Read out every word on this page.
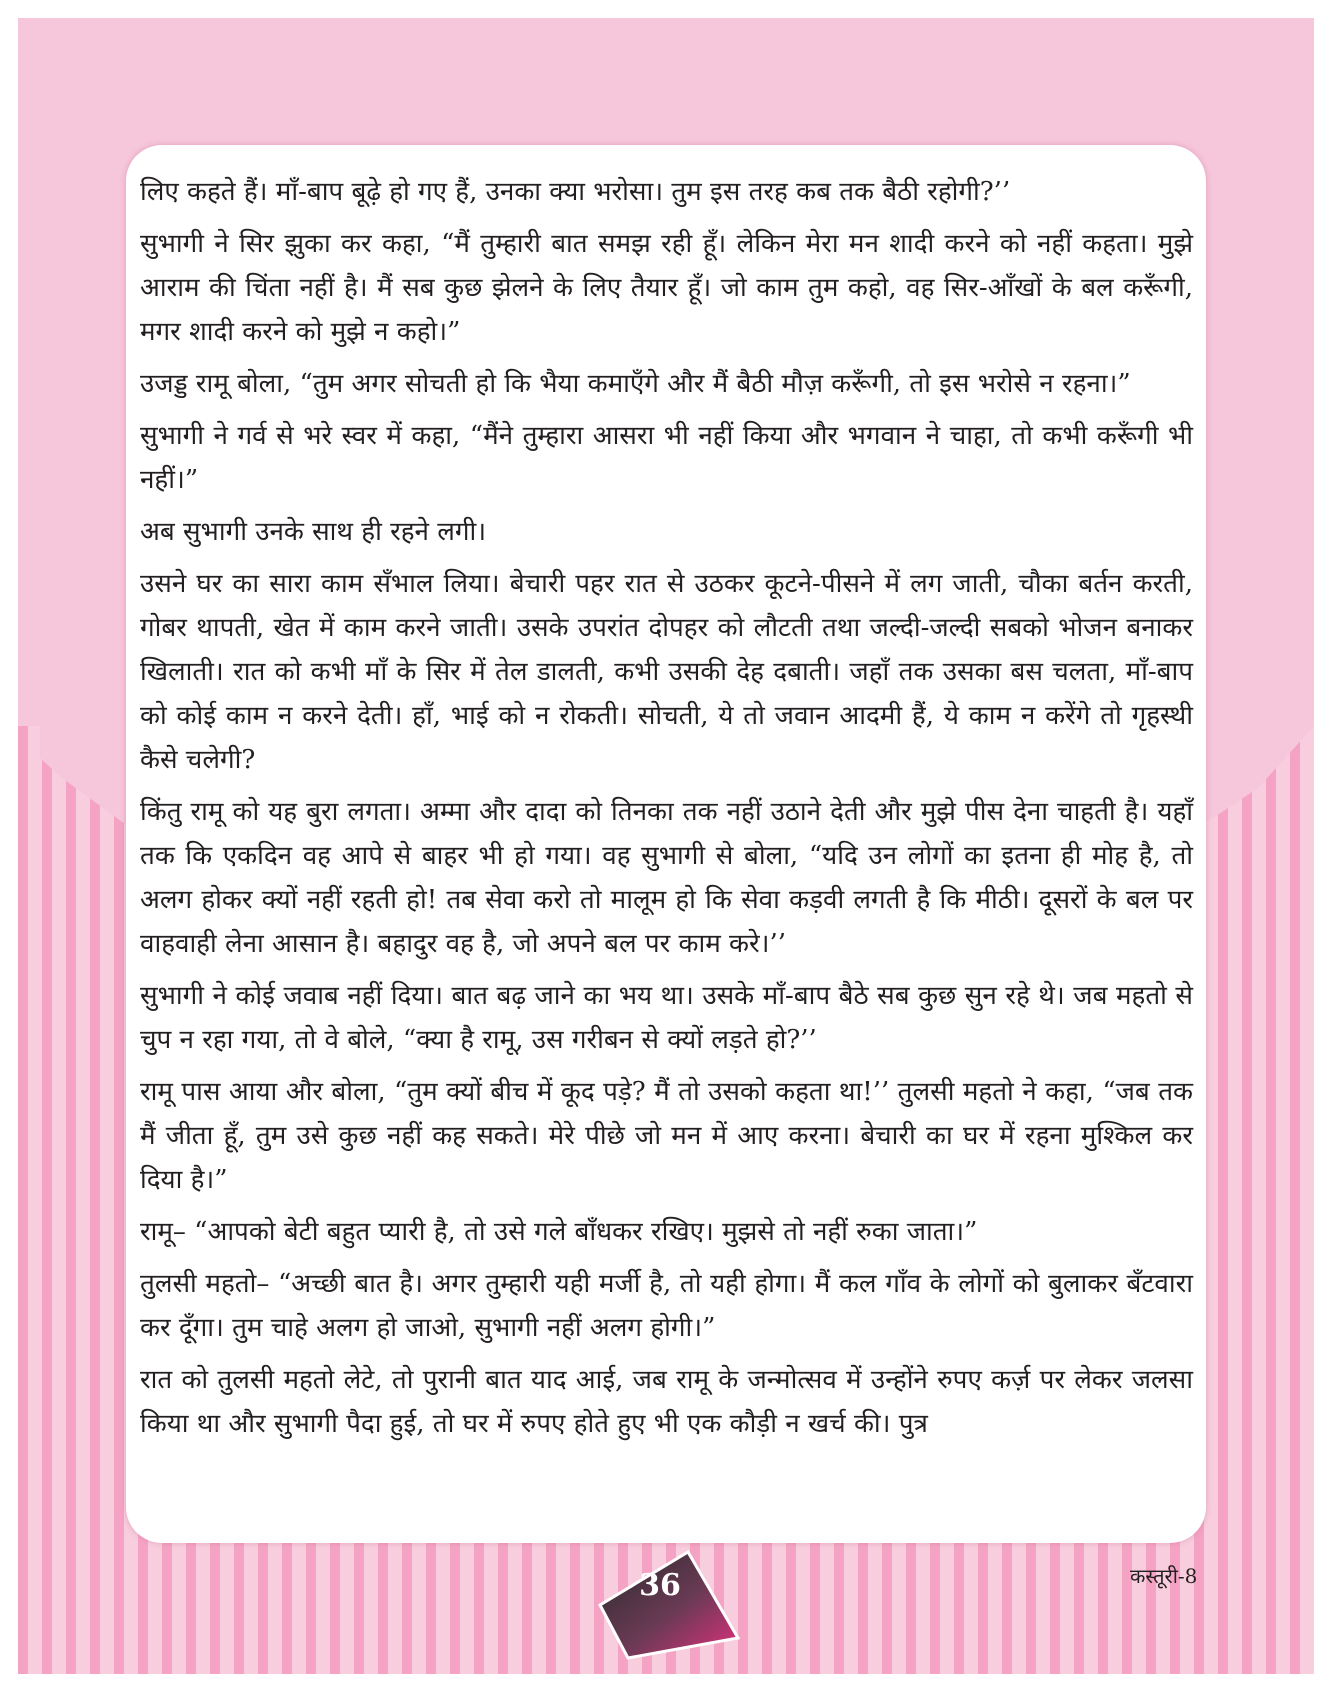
लिए कहते हैं। माँ-बाप बूढ़े हो गए हैं, उनका क्या भरोसा। तुम इस तरह कब तक बैठी रहोगी?’’

सुभागी ने सिर झुका कर कहा, “मैं तुम्हारी बात समझ रही हूँ। लेकिन मेरा मन शादी करने को नहीं कहता। मुझे आराम की चिंता नहीं है। मैं सब कुछ झेलने के लिए तैयार हूँ। जो काम तुम कहो, वह सिर-आँखों के बल करूँगी, मगर शादी करने को मुझे न कहो।”

उजड्ड रामू बोला, “तुम अगर सोचती हो कि भैया कमाएँगे और मैं बैठी मौज़ करूँगी, तो इस भरोसे न रहना।”

सुभागी ने गर्व से भरे स्वर में कहा, “मैंने तुम्हारा आसरा भी नहीं किया और भगवान ने चाहा, तो कभी करूँगी भी नहीं।”

अब सुभागी उनके साथ ही रहने लगी।

उसने घर का सारा काम सँभाल लिया। बेचारी पहर रात से उठकर कूटने-पीसने में लग जाती, चौका बर्तन करती, गोबर थापती, खेत में काम करने जाती। उसके उपरांत दोपहर को लौटती तथा जल्दी-जल्दी सबको भोजन बनाकर खिलाती। रात को कभी माँ के सिर में तेल डालती, कभी उसकी देह दबाती। जहाँ तक उसका बस चलता, माँ-बाप को कोई काम न करने देती। हाँ, भाई को न रोकती। सोचती, ये तो जवान आदमी हैं, ये काम न करेंगे तो गृहस्थी कैसे चलेगी?

किंतु रामू को यह बुरा लगता। अम्मा और दादा को तिनका तक नहीं उठाने देती और मुझे पीस देना चाहती है। यहाँ तक कि एकदिन वह आपे से बाहर भी हो गया। वह सुभागी से बोला, “यदि उन लोगों का इतना ही मोह है, तो अलग होकर क्यों नहीं रहती हो! तब सेवा करो तो मालूम हो कि सेवा कड़वी लगती है कि मीठी। दूसरों के बल पर वाहवाही लेना आसान है। बहादुर वह है, जो अपने बल पर काम करे।’’

सुभागी ने कोई जवाब नहीं दिया। बात बढ़ जाने का भय था। उसके माँ-बाप बैठे सब कुछ सुन रहे थे। जब महतो से चुप न रहा गया, तो वे बोले, “क्या है रामू, उस गरीबन से क्यों लड़ते हो?’’

रामू पास आया और बोला, “तुम क्यों बीच में कूद पड़े? मैं तो उसको कहता था!’’ तुलसी महतो ने कहा, “जब तक मैं जीता हूँ, तुम उसे कुछ नहीं कह सकते। मेरे पीछे जो मन में आए करना। बेचारी का घर में रहना मुश्किल कर दिया है।”

रामू– “आपको बेटी बहुत प्यारी है, तो उसे गले बाँधकर रखिए। मुझसे तो नहीं रुका जाता।”

तुलसी महतो– “अच्छी बात है। अगर तुम्हारी यही मर्जी है, तो यही होगा। मैं कल गाँव के लोगों को बुलाकर बँटवारा कर दूँगा। तुम चाहे अलग हो जाओ, सुभागी नहीं अलग होगी।”

रात को तुलसी महतो लेटे, तो पुरानी बात याद आई, जब रामू के जन्मोत्सव में उन्होंने रुपए कर्ज़ पर लेकर जलसा किया था और सुभागी पैदा हुई, तो घर में रुपए होते हुए भी एक कौड़ी न खर्च की। पुत्र

36	कस्तूरी-8
